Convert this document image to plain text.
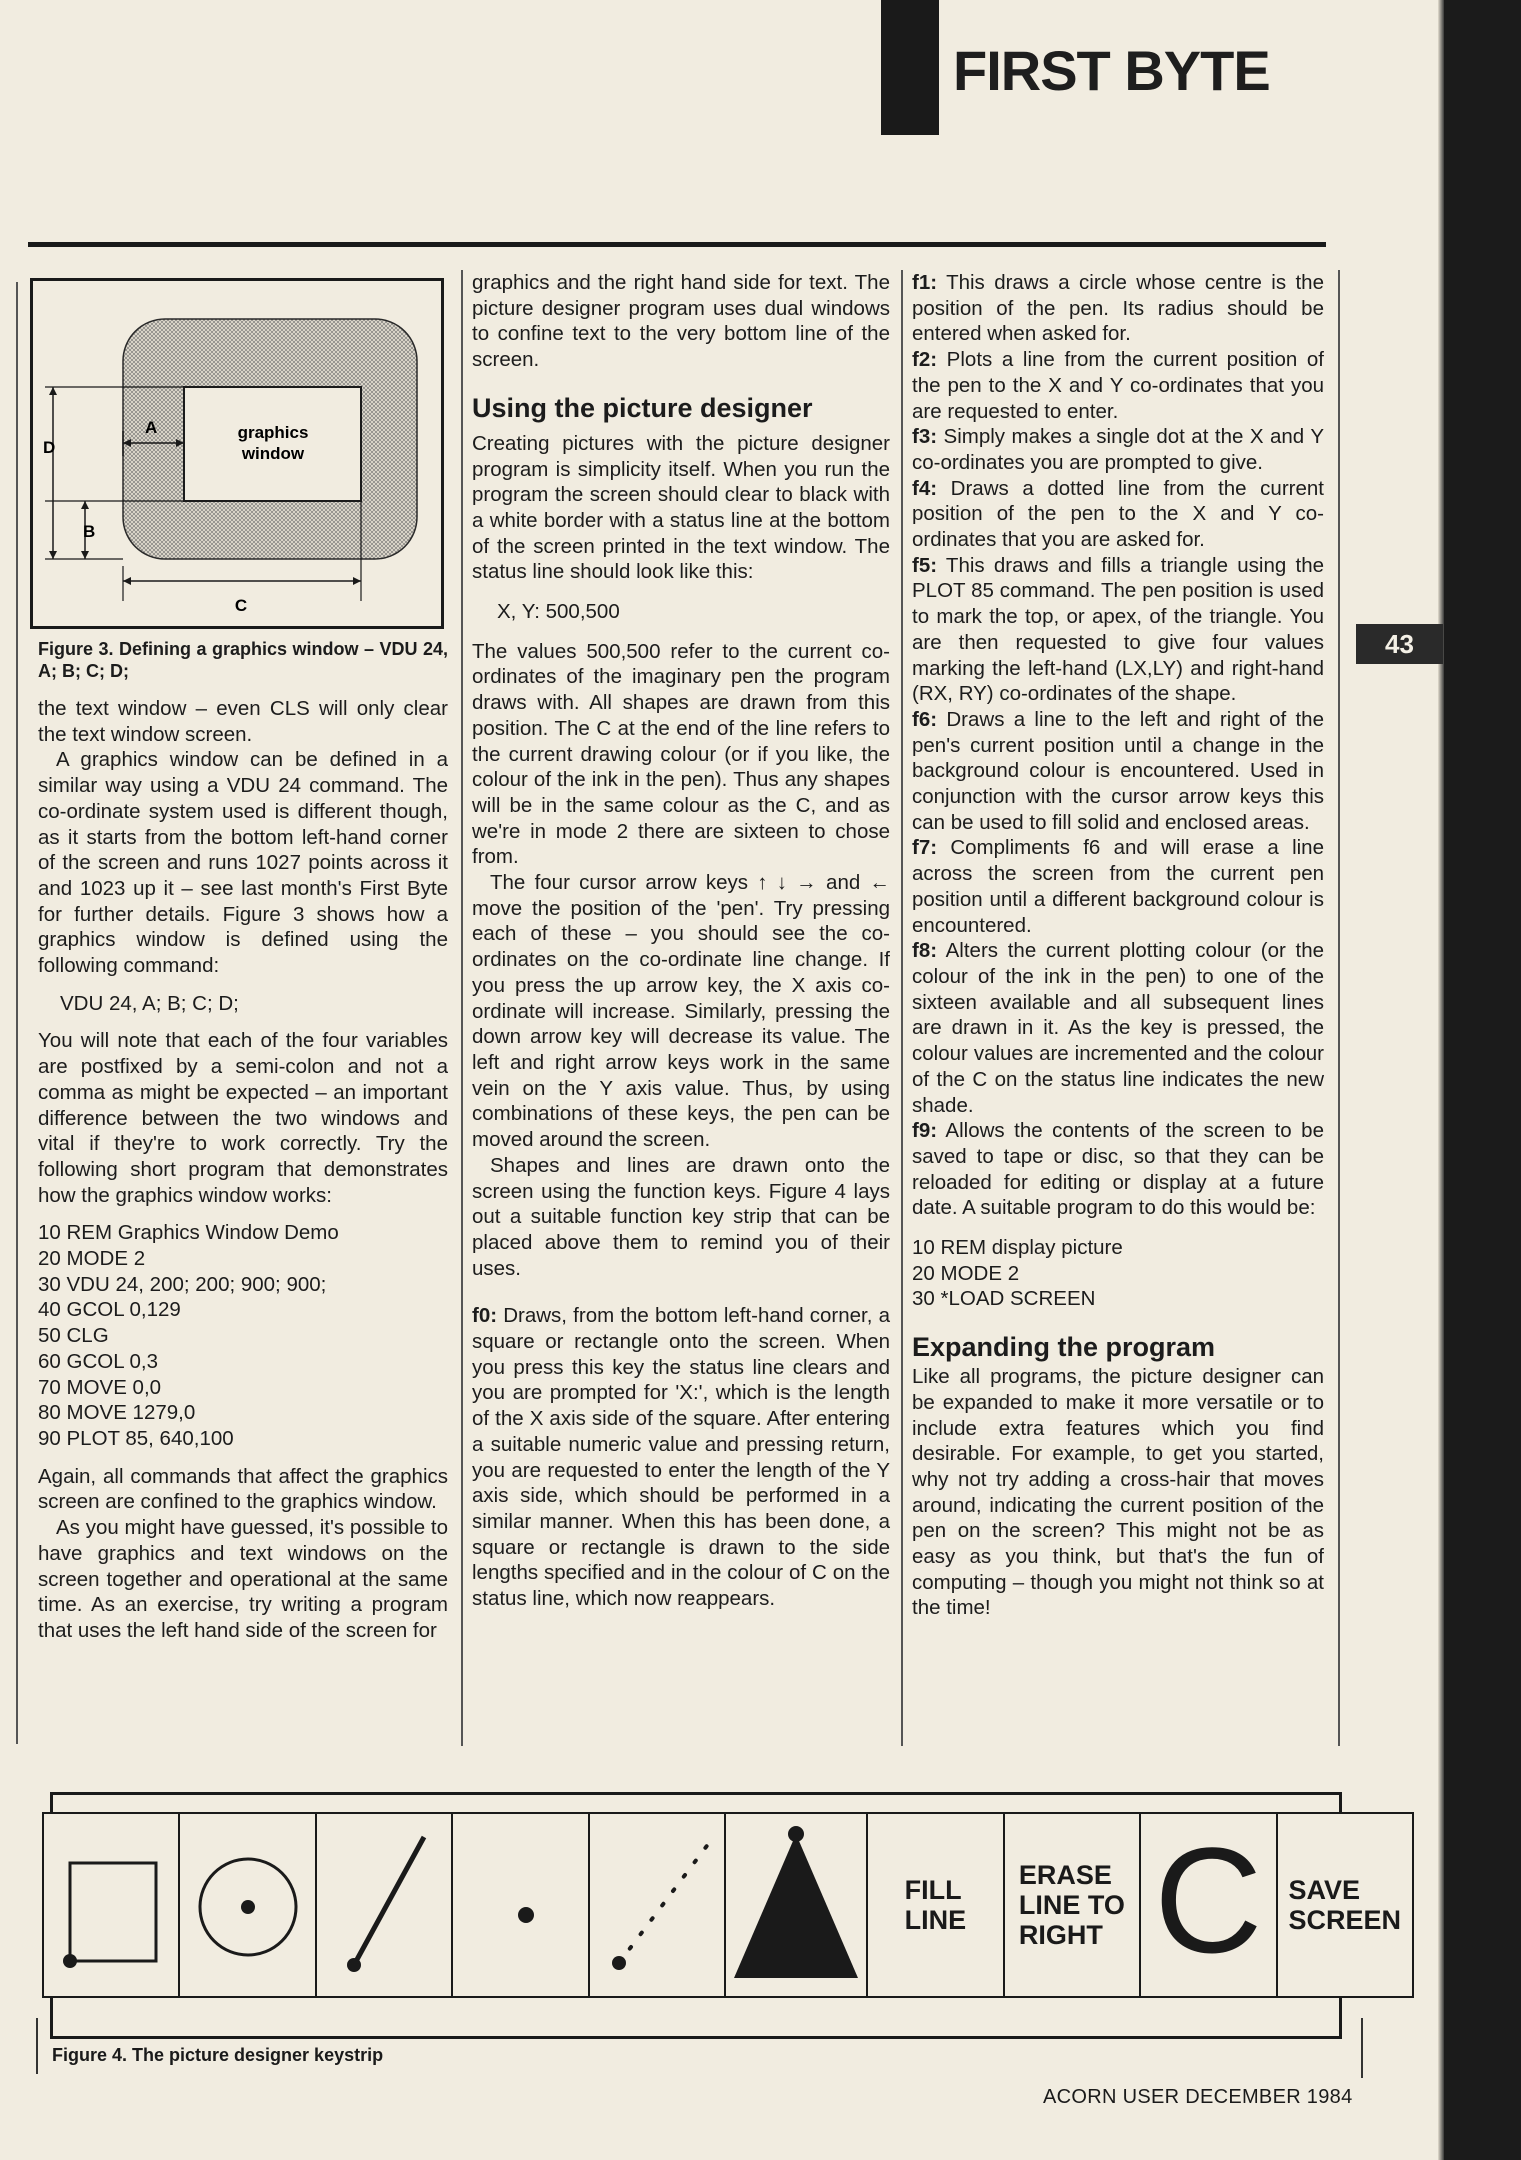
43
FIRST BYTE
graphics
window
A
D
B
C

Figure 3. Defining a graphics window – VDU 24, A; B; C; D;

the text window – even CLS will only clear the text window screen.

A graphics window can be defined in a similar way using a VDU 24 command. The co-ordinate system used is different though, as it starts from the bottom left-hand corner of the screen and runs 1027 points across it and 1023 up it – see last month's First Byte for further details. Figure 3 shows how a graphics window is defined using the following command:

VDU 24, A; B; C; D;

You will note that each of the four variables are postfixed by a semi-colon and not a comma as might be expected – an important difference between the two windows and vital if they're to work correctly. Try the following short program that demonstrates how the graphics window works:

10 REM Graphics Window Demo

20 MODE 2

30 VDU 24, 200; 200; 900; 900;

40 GCOL 0,129

50 CLG

60 GCOL 0,3

70 MOVE 0,0

80 MOVE 1279,0

90 PLOT 85, 640,100

Again, all commands that affect the graphics screen are confined to the graphics window.

As you might have guessed, it's possible to have graphics and text windows on the screen together and operational at the same time. As an exercise, try writing a program that uses the left hand side of the screen for

graphics and the right hand side for text. The picture designer program uses dual windows to confine text to the very bottom line of the screen.

Using the picture designer

Creating pictures with the picture designer program is simplicity itself. When you run the program the screen should clear to black with a white border with a status line at the bottom of the screen printed in the text window. The status line should look like this:

X, Y: 500,500

The values 500,500 refer to the current co-ordinates of the imaginary pen the program draws with. All shapes are drawn from this position. The C at the end of the line refers to the current drawing colour (or if you like, the colour of the ink in the pen). Thus any shapes will be in the same colour as the C, and as we're in mode 2 there are sixteen to chose from.

The four cursor arrow keys ↑ ↓ → and ← move the position of the 'pen'. Try pressing each of these – you should see the co-ordinates on the co-ordinate line change. If you press the up arrow key, the X axis co-ordinate will increase. Similarly, pressing the down arrow key will decrease its value. The left and right arrow keys work in the same vein on the Y axis value. Thus, by using combinations of these keys, the pen can be moved around the screen.

Shapes and lines are drawn onto the screen using the function keys. Figure 4 lays out a suitable function key strip that can be placed above them to remind you of their uses.

f0: Draws, from the bottom left-hand corner, a square or rectangle onto the screen. When you press this key the status line clears and you are prompted for 'X:', which is the length of the X axis side of the square. After entering a suitable numeric value and pressing return, you are requested to enter the length of the Y axis side, which should be performed in a similar manner. When this has been done, a square or rectangle is drawn to the side lengths specified and in the colour of C on the status line, which now reappears.

f1: This draws a circle whose centre is the position of the pen. Its radius should be entered when asked for.

f2: Plots a line from the current position of the pen to the X and Y co-ordinates that you are requested to enter.

f3: Simply makes a single dot at the X and Y co-ordinates you are prompted to give.

f4: Draws a dotted line from the current position of the pen to the X and Y co-ordinates that you are asked for.

f5: This draws and fills a triangle using the PLOT 85 command. The pen position is used to mark the top, or apex, of the triangle. You are then requested to give four values marking the left-hand (LX,LY) and right-hand (RX, RY) co-ordinates of the shape.

f6: Draws a line to the left and right of the pen's current position until a change in the background colour is encountered. Used in conjunction with the cursor arrow keys this can be used to fill solid and enclosed areas.

f7: Compliments f6 and will erase a line across the screen from the current pen position until a different background colour is encountered.

f8: Alters the current plotting colour (or the colour of the ink in the pen) to one of the sixteen available and all subsequent lines are drawn in it. As the key is pressed, the colour values are incremented and the colour of the C on the status line indicates the new shade.

f9: Allows the contents of the screen to be saved to tape or disc, so that they can be reloaded for editing or display at a future date. A suitable program to do this would be:

10 REM display picture

20 MODE 2

30 *LOAD SCREEN

Expanding the program

Like all programs, the picture designer can be expanded to make it more versatile or to include extra features which you find desirable. For example, to get you started, why not try adding a cross-hair that moves around, indicating the current position of the pen on the screen? This might not be as easy as you think, but that's the fun of computing – though you might not think so at the time!

FILL
LINE
ERASE
LINE TO
RIGHT C SAVE
SCREEN

Figure 4. The picture designer keystrip

ACORN USER DECEMBER 1984
